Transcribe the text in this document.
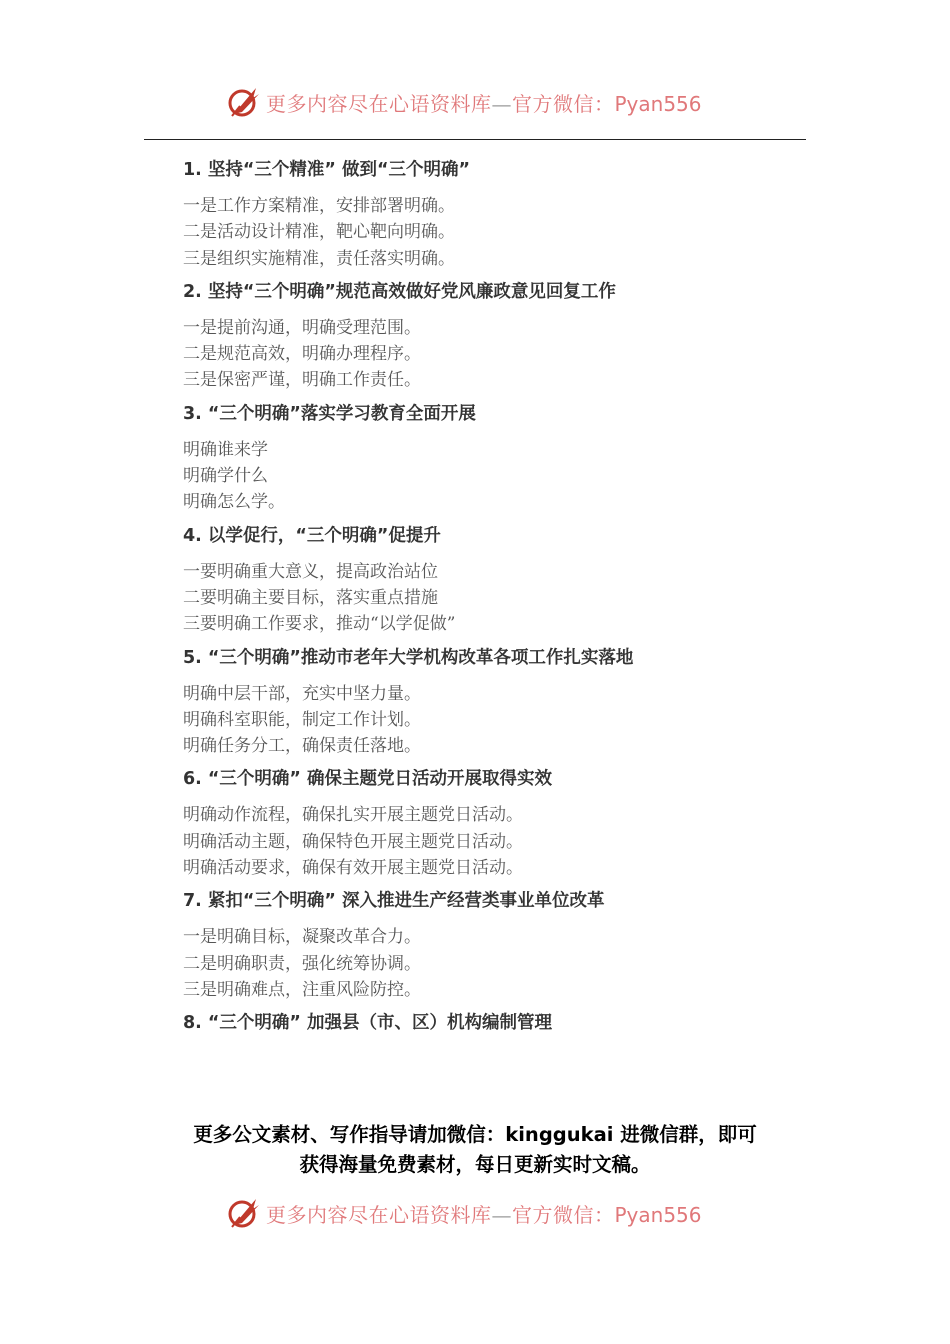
更多内容尽在心语资料库—官方微信：Pyan556
1. 坚持“三个精准” 做到“三个明确”
一是工作方案精准，安排部署明确。
二是活动设计精准，靶心靶向明确。
三是组织实施精准，责任落实明确。
2. 坚持“三个明确”规范高效做好党风廉政意见回复工作
一是提前沟通，明确受理范围。
二是规范高效，明确办理程序。
三是保密严谨，明确工作责任。
3. “三个明确”落实学习教育全面开展
明确谁来学
明确学什么
明确怎么学。
4. 以学促行，“三个明确”促提升
一要明确重大意义，提高政治站位
二要明确主要目标，落实重点措施
三要明确工作要求，推动“以学促做”
5. “三个明确”推动市老年大学机构改革各项工作扎实落地
明确中层干部，充实中坚力量。
明确科室职能，制定工作计划。
明确任务分工，确保责任落地。
6. “三个明确” 确保主题党日活动开展取得实效
明确动作流程，确保扎实开展主题党日活动。
明确活动主题，确保特色开展主题党日活动。
明确活动要求，确保有效开展主题党日活动。
7. 紧扣“三个明确” 深入推进生产经营类事业单位改革
一是明确目标，凝聚改革合力。
二是明确职责，强化统筹协调。
三是明确难点，注重风险防控。
8. “三个明确” 加强县（市、区）机构编制管理
更多公文素材、写作指导请加微信：kinggukai 进微信群，即可
获得海量免费素材，每日更新实时文稿。
更多内容尽在心语资料库—官方微信：Pyan556
